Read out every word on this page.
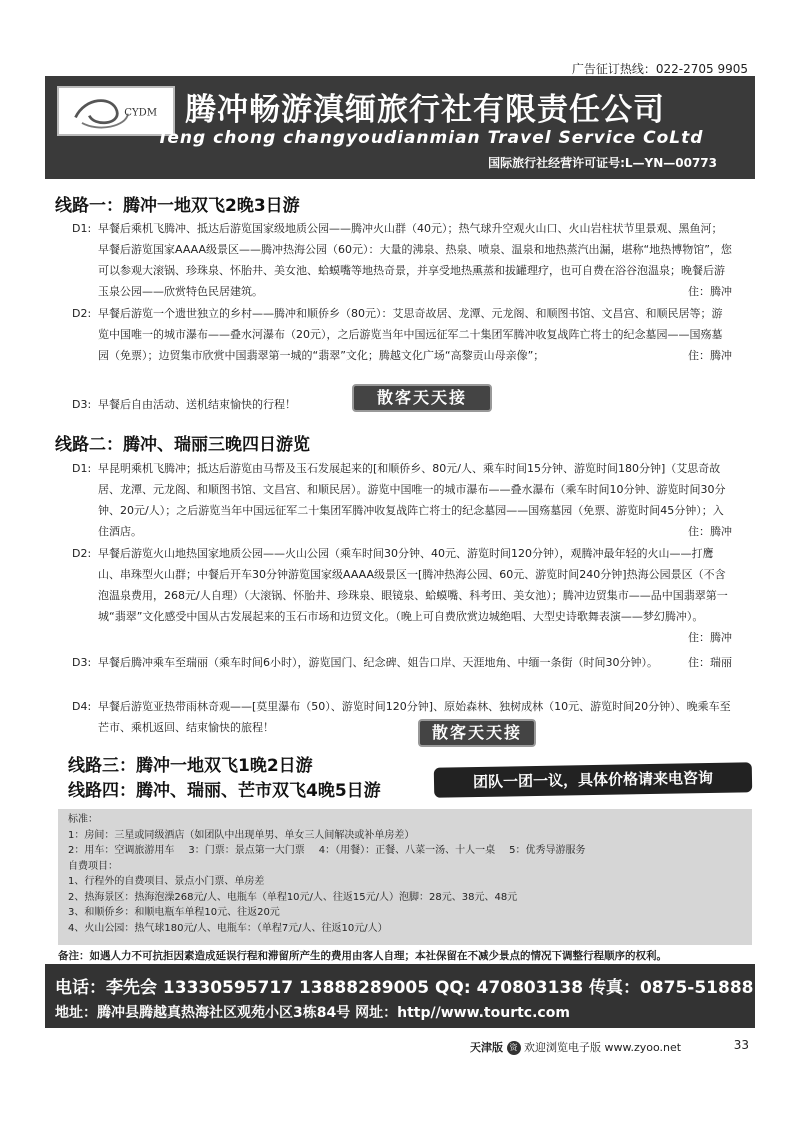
广告征订热线：022-2705 9905
CYDM 腾冲畅游滇缅旅行社有限责任公司
Teng chong changyoudianmian Travel Service CoLtd
国际旅行社经营许可证号:L—YN—00773
线路一：腾冲一地双飞2晚3日游
D1: 早餐后乘机飞腾冲、抵达后游览国家级地质公园——腾冲火山群（40元）；热气球升空观火山口、火山岩柱状节里景观、黑鱼河；早餐后游览国家AAAA级景区——腾冲热海公园（60元）：大量的沸泉、热泉、喷泉、温泉和地热蒸汽出漏，堪称“地热博物馆”，您可以参观大滚锅、珍珠泉、怀胎井、美女池、蛤蟆嘴等地热奇景，并享受地热熏蒸和拔罐理疗，也可自费在浴谷泡温泉；晚餐后游玉泉公园——欣赏特色民居建筑。	住：腾冲
D2: 早餐后游览一个遗世独立的乡村——腾冲和顺侨乡（80元）：艾思奇故居、龙潭、元龙阁、和顺图书馆、文昌宫、和顺民居等；游览中国唯一的城市瀑布——叠水河瀑布（20元），之后游览当年中国远征军二十集团军腾冲收复战阵亡将士的纪念墓园——国殇墓园（免票）；边贸集市欣赏中国翡翠第一城的“翡翠”文化；腾越文化广场“高黎贡山母亲像”；	住：腾冲
D3: 早餐后自由活动、送机结束愉快的行程！	散客天天接
线路二：腾冲、瑞丽三晚四日游览
D1: 早昆明乘机飞腾冲；抵达后游览由马帮及玉石发展起来的[和顺侨乡、80元/人、乘车时间15分钟、游览时间180分钟]（艾思奇故居、龙潭、元龙阁、和顺图书馆、文昌宫、和顺民居）。游览中国唯一的城市瀑布——叠水瀑布（乘车时间10分钟、游览时间30分钟、20元/人）；之后游览当年中国远征军二十集团军腾冲收复战阵亡将士的纪念墓园——国殇墓园（免票、游览时间45分钟）；入住酒店。	住：腾冲
D2: 早餐后游览火山地热国家地质公园——火山公园（乘车时间30分钟、40元、游览时间120分钟），观腾冲最年轻的火山——打鹰山、串珠型火山群；中餐后开车30分钟游览国家级AAAA级景区一[腾冲热海公园、60元、游览时间240分钟]热海公园景区（不含泡温泉费用，268元/人自理）（大滚锅、怀胎井、珍珠泉、眼镜泉、蛤蟆嘴、科考田、美女池）；腾冲边贸集市——品中国翡翠第一城“翡翠”文化感受中国从古发展起来的玉石市场和边贸文化。（晚上可自费欣赏边城绝唱、大型史诗歌舞表演——梦幻腾冲）。
住：腾冲
D3: 早餐后腾冲乘车至瑞丽（乘车时间6小时），游览国门、纪念碑、姐告口岸、天涯地角、中缅一条街（时间30分钟）。	住：瑞丽
D4: 早餐后游览亚热带雨林奇观——[莫里瀑布（50）、游览时间120分钟]、原始森林、独树成林（10元、游览时间20分钟）、晚乘车至芒市、乘机返回、结束愉快的旅程！	散客天天接
线路三：腾冲一地双飞1晚2日游
线路四：腾冲、瑞丽、芒市双飞4晚5日游	团队一团一议，具体价格请来电咨询
标准：
1：房间：三星或同级酒店（如团队中出现单男、单女三人间解决或补单房差）
2：用车：空调旅游用车 3：门票：景点第一大门票 4：（用餐）：正餐、八菜一汤、十人一桌 5：优秀导游服务
自费项目：
1、行程外的自费项目、景点小门票、单房差
2、热海景区：热海泡澡268元/人、电瓶车（单程10元/人、往返15元/人）泡脚：28元、38元、48元
3、和顺侨乡：和顺电瓶车单程10元、往返20元
4、火山公园：热气球180元/人、电瓶车：（单程7元/人、往返10元/人）
备注：如遇人力不可抗拒因素造成延误行程和滞留所产生的费用由客人自理；本社保留在不减少景点的情况下调整行程顺序的权利。
电话：李先会 13330595717 13888289005 QQ: 470803138 传真：0875-5188817
地址：腾冲县腾越真热海社区观苑小区3栋84号 网址：http//www.tourtc.com
天津版 资 欢迎浏览电子版 www.zyoo.net	33
